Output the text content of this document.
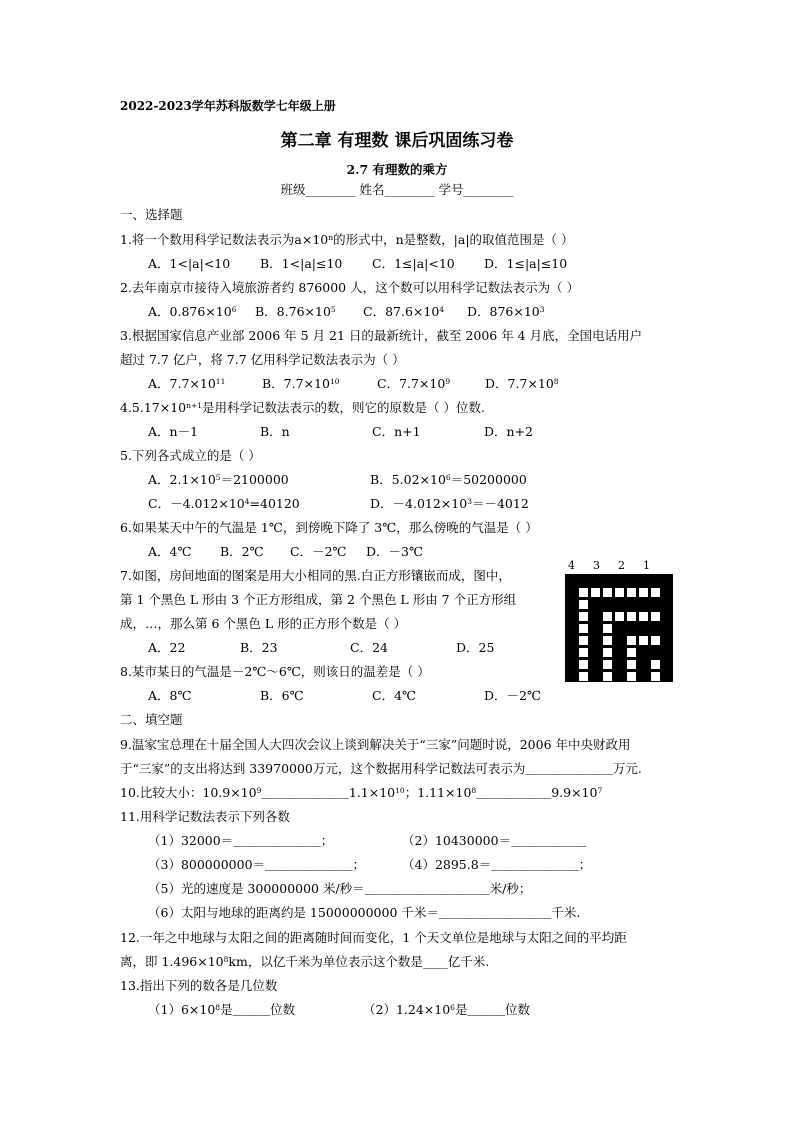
2022-2023学年苏科版数学七年级上册
第二章 有理数 课后巩固练习卷
2.7 有理数的乘方
班级________ 姓名________ 学号________
一、选择题
1.将一个数用科学记数法表示为$a\times 10^n$的形式中，n是整数，|a|的取值范围是（ ）
A．1<|a|<10 B．1<|a|≤10 C．1≤|a|<10 D．1≤|a|≤10
2.去年南京市接待入境旅游者约 876000 人，这个数可以用科学记数法表示为（ ）
A．$0.876\times 10^6$ B．$8.76\times 10^5$ C．$87.6\times 10^4$ D．$876\times 10^3$
3.根据国家信息产业部 2006 年 5 月 21 日的最新统计，截至 2006 年 4 月底，全国电话用户
超过 7.7 亿户，将 7.7 亿用科学记数法表示为（ ）
A．$7.7\times 10^{11}$	B．$7.7\times 10^{10}$	C．$7.7\times 10^9$	D．$7.7\times 10^8$
$4.5.17\times 10^{n+1}$是用科学记数法表示的数，则它的原数是（ ）位数.
A．n－1	B．n	C．n+1	D．n+2
5.下列各式成立的是（ ）
A．$2.1\times 10^5=2100000$	B．$5.02\times 10^6=50200000$
C．$-4.012\times 10^4=40120$	D．$-4.012\times 10^3=-4012$
6.如果某天中午的气温是 1℃，到傍晚下降了 3℃，那么傍晚的气温是（ ）
A．4℃ B．2℃ C．－2℃ D．－3℃
7.如图，房间地面的图案是用大小相同的黑.白正方形镶嵌而成，图中，
第 1 个黑色 L 形由 3 个正方形组成，第 2 个黑色 L 形由 7 个正方形组
成，…，那么第 6 个黑色 L 形的正方形个数是（ ）
A．22	B．23	C．24	D．25
4 3 2 1
8.某市某日的气温是－2℃～6℃，则该日的温差是（ ）
A．8℃	B．6℃	C．4℃	D．－2℃
二、填空题
9.温家宝总理在十届全国人大四次会议上谈到解决关于“三家”问题时说，2006 年中央财政用
于“三家”的支出将达到 33970000万元，这个数据用科学记数法可表示为＿＿＿＿＿＿＿万元.
10.比较大小：$10.9\times 10^9\_\_\_\_\_\_\_1.1\times 10^{10}$；$1.11\times 10^8\_\_\_\_\_\_9.9\times 10^7$
11.用科学记数法表示下列各数
（1）32000＝＿＿＿＿＿＿＿；	（2）10430000＝＿＿＿＿＿＿
（3）800000000＝＿＿＿＿＿＿＿；	（4）2895.8＝＿＿＿＿＿＿＿；
（5）光的速度是 300000000 米/秒＝＿＿＿＿＿＿＿＿＿＿米/秒；
（6）太阳与地球的距离约是 15000000000 千米＝＿＿＿＿＿＿＿＿＿千米.
12.一年之中地球与太阳之间的距离随时间而变化，1 个天文单位是地球与太阳之间的平均距
离，即 $1.496\times 10^8km$，以亿千米为单位表示这个数是____亿千米.
13.指出下列的数各是几位数
$(1)6\times 10^8$是＿＿＿位数	$(2)1.24\times 10^6$是＿＿＿位数
